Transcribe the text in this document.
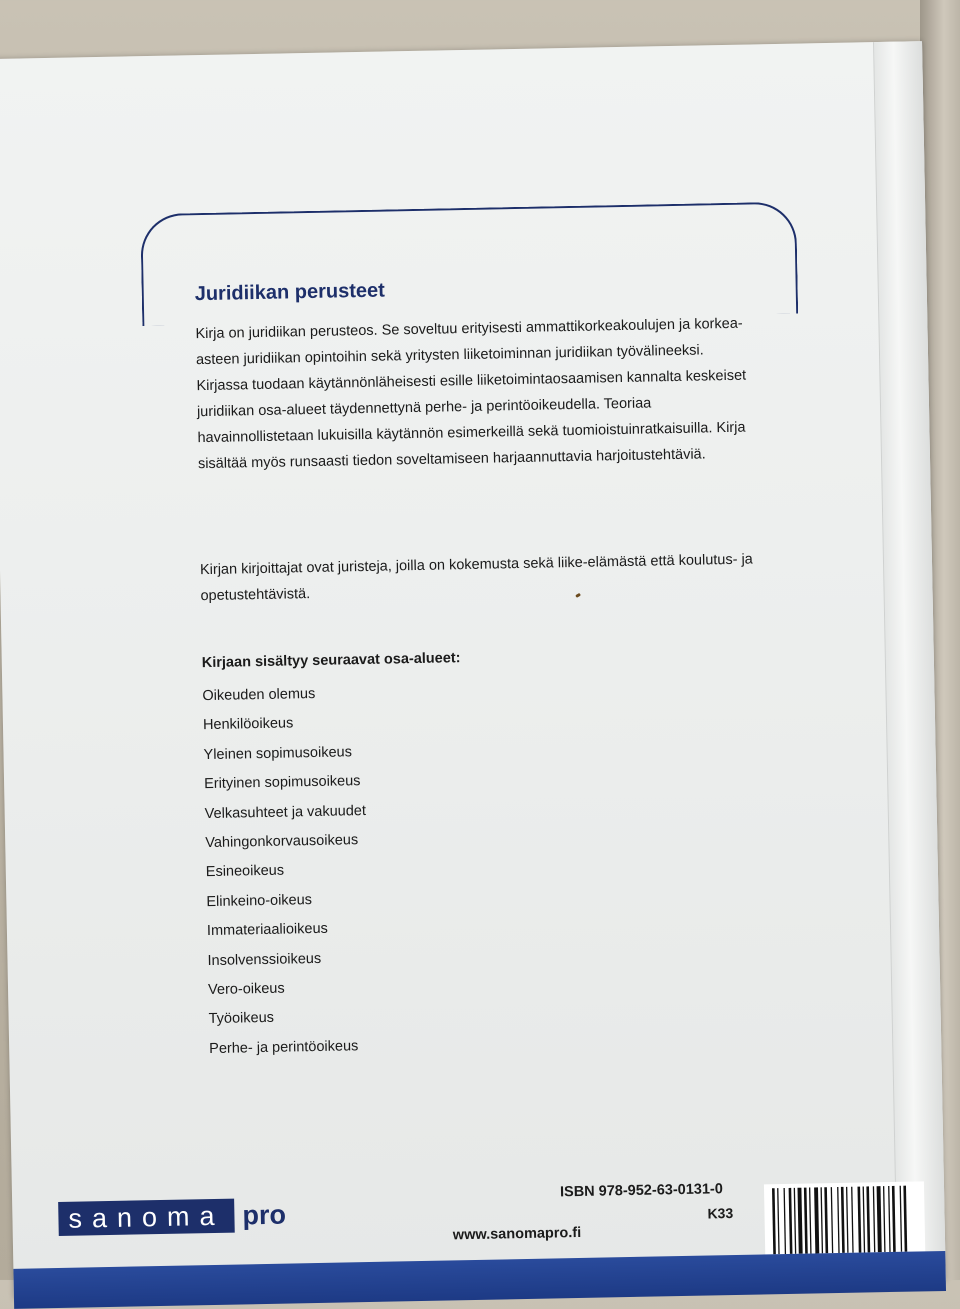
Juridiikan perusteet

Kirja on juridiikan perusteos. Se soveltuu erityisesti ammattikorkeakoulujen ja korkea-asteen juridiikan opintoihin sekä yritysten liiketoiminnan juridiikan työvälineeksi. Kirjassa tuodaan käytännönläheisesti esille liiketoimintaosaamisen kannalta keskeiset juridiikan osa-alueet täydennettynä perhe- ja perintöoikeudella. Teoriaa havainnollistetaan lukuisilla käytännön esimerkeillä sekä tuomioistuinratkaisuilla. Kirja sisältää myös runsaasti tiedon soveltamiseen harjaannuttavia harjoitustehtäviä.

Kirjan kirjoittajat ovat juristeja, joilla on kokemusta sekä liike-elämästä että koulutus- ja opetustehtävistä.

Kirjaan sisältyy seuraavat osa-alueet:

Oikeuden olemus
Henkilöoikeus
Yleinen sopimusoikeus
Erityinen sopimusoikeus
Velkasuhteet ja vakuudet
Vahingonkorvausoikeus
Esineoikeus
Elinkeino-oikeus
Immateriaalioikeus
Insolvenssioikeus
Vero-oikeus
Työoikeus
Perhe- ja perintöoikeus
sanoma pro

ISBN 978-952-63-0131-0

K33

www.sanomapro.fi
